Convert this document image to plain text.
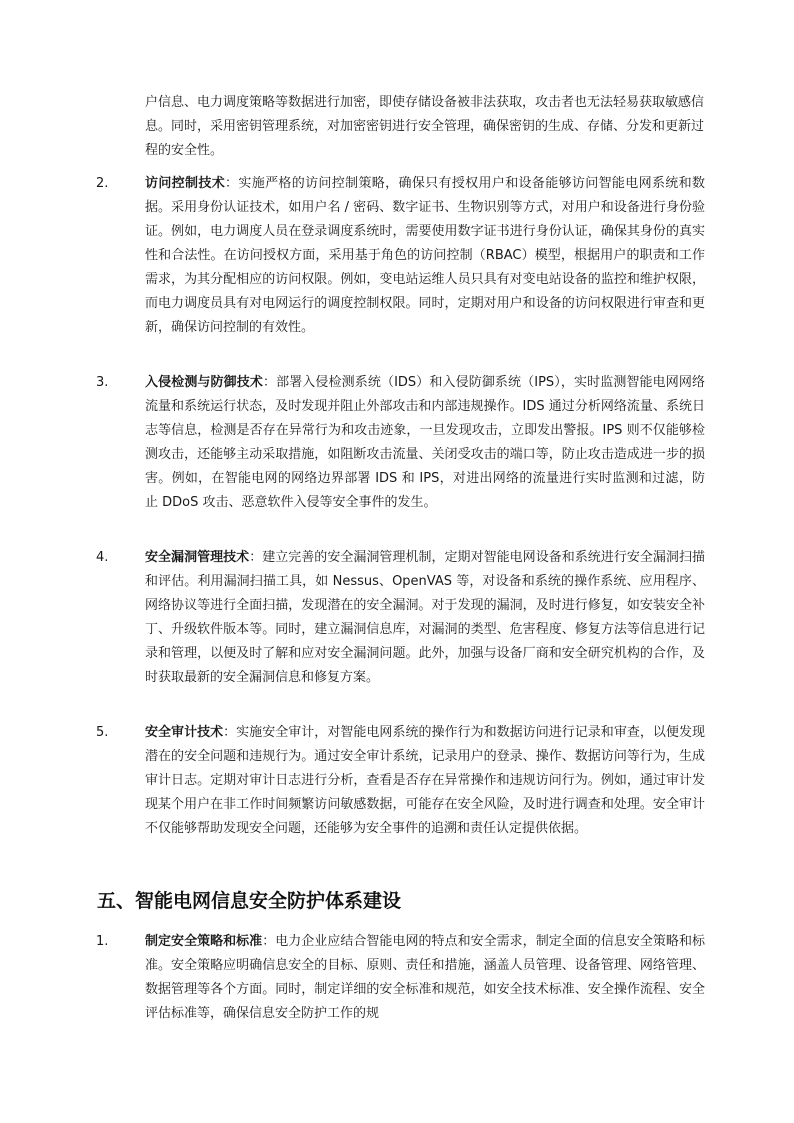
户信息、电力调度策略等数据进行加密，即使存储设备被非法获取，攻击者也无法轻易获取敏感信息。同时，采用密钥管理系统，对加密密钥进行安全管理，确保密钥的生成、存储、分发和更新过程的安全性。
2.	访问控制技术：实施严格的访问控制策略，确保只有授权用户和设备能够访问智能电网系统和数据。采用身份认证技术，如用户名 / 密码、数字证书、生物识别等方式，对用户和设备进行身份验证。例如，电力调度人员在登录调度系统时，需要使用数字证书进行身份认证，确保其身份的真实性和合法性。在访问授权方面，采用基于角色的访问控制（RBAC）模型，根据用户的职责和工作需求，为其分配相应的访问权限。例如，变电站运维人员只具有对变电站设备的监控和维护权限，而电力调度员具有对电网运行的调度控制权限。同时，定期对用户和设备的访问权限进行审查和更新，确保访问控制的有效性。
3.	入侵检测与防御技术：部署入侵检测系统（IDS）和入侵防御系统（IPS），实时监测智能电网网络流量和系统运行状态，及时发现并阻止外部攻击和内部违规操作。IDS 通过分析网络流量、系统日志等信息，检测是否存在异常行为和攻击迹象，一旦发现攻击，立即发出警报。IPS 则不仅能够检测攻击，还能够主动采取措施，如阻断攻击流量、关闭受攻击的端口等，防止攻击造成进一步的损害。例如，在智能电网的网络边界部署 IDS 和 IPS，对进出网络的流量进行实时监测和过滤，防止 DDoS 攻击、恶意软件入侵等安全事件的发生。
4.	安全漏洞管理技术：建立完善的安全漏洞管理机制，定期对智能电网设备和系统进行安全漏洞扫描和评估。利用漏洞扫描工具，如 Nessus、OpenVAS 等，对设备和系统的操作系统、应用程序、网络协议等进行全面扫描，发现潜在的安全漏洞。对于发现的漏洞，及时进行修复，如安装安全补丁、升级软件版本等。同时，建立漏洞信息库，对漏洞的类型、危害程度、修复方法等信息进行记录和管理，以便及时了解和应对安全漏洞问题。此外，加强与设备厂商和安全研究机构的合作，及时获取最新的安全漏洞信息和修复方案。
5.	安全审计技术：实施安全审计，对智能电网系统的操作行为和数据访问进行记录和审查，以便发现潜在的安全问题和违规行为。通过安全审计系统，记录用户的登录、操作、数据访问等行为，生成审计日志。定期对审计日志进行分析，查看是否存在异常操作和违规访问行为。例如，通过审计发现某个用户在非工作时间频繁访问敏感数据，可能存在安全风险，及时进行调查和处理。安全审计不仅能够帮助发现安全问题，还能够为安全事件的追溯和责任认定提供依据。
五、智能电网信息安全防护体系建设
1.	制定安全策略和标准：电力企业应结合智能电网的特点和安全需求，制定全面的信息安全策略和标准。安全策略应明确信息安全的目标、原则、责任和措施，涵盖人员管理、设备管理、网络管理、数据管理等各个方面。同时，制定详细的安全标准和规范，如安全技术标准、安全操作流程、安全评估标准等，确保信息安全防护工作的规
